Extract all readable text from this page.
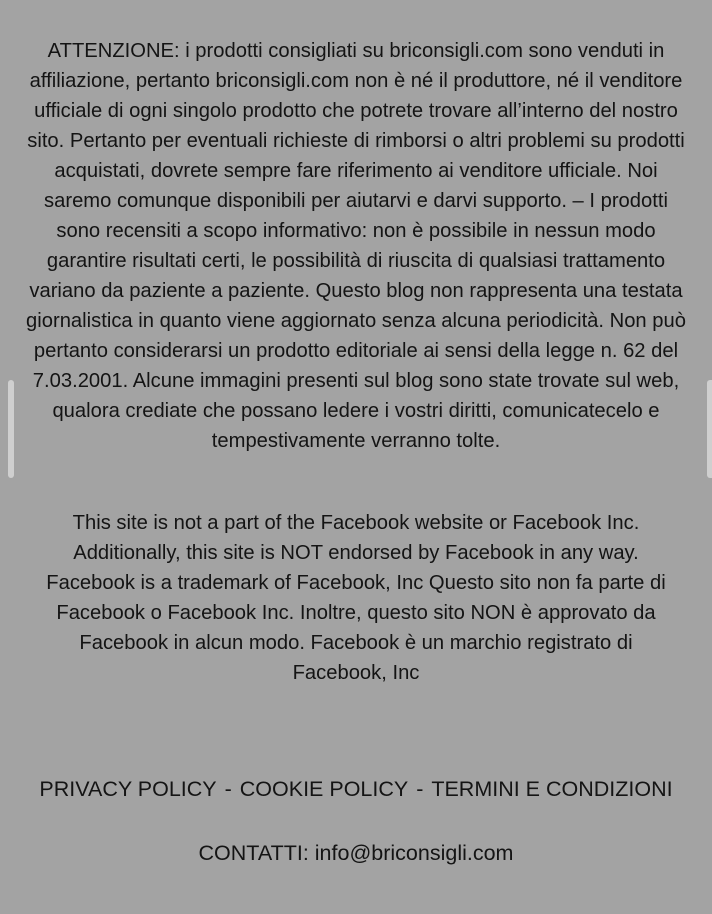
ATTENZIONE: i prodotti consigliati su briconsigli.com sono venduti in affiliazione, pertanto briconsigli.com non è né il produttore, né il venditore ufficiale di ogni singolo prodotto che potrete trovare all’interno del nostro sito. Pertanto per eventuali richieste di rimborsi o altri problemi su prodotti acquistati, dovrete sempre fare riferimento ai venditore ufficiale. Noi saremo comunque disponibili per aiutarvi e darvi supporto. – I prodotti sono recensiti a scopo informativo: non è possibile in nessun modo garantire risultati certi, le possibilità di riuscita di qualsiasi trattamento variano da paziente a paziente. Questo blog non rappresenta una testata giornalistica in quanto viene aggiornato senza alcuna periodicità. Non può pertanto considerarsi un prodotto editoriale ai sensi della legge n. 62 del 7.03.2001. Alcune immagini presenti sul blog sono state trovate sul web, qualora crediate che possano ledere i vostri diritti, comunicatecelo e tempestivamente verranno tolte.

This site is not a part of the Facebook website or Facebook Inc. Additionally, this site is NOT endorsed by Facebook in any way. Facebook is a trademark of Facebook, Inc Questo sito non fa parte di Facebook o Facebook Inc. Inoltre, questo sito NON è approvato da Facebook in alcun modo. Facebook è un marchio registrato di Facebook, Inc

PRIVACY POLICY - COOKIE POLICY - TERMINI E CONDIZIONI
CONTATTI: info@briconsigli.com
